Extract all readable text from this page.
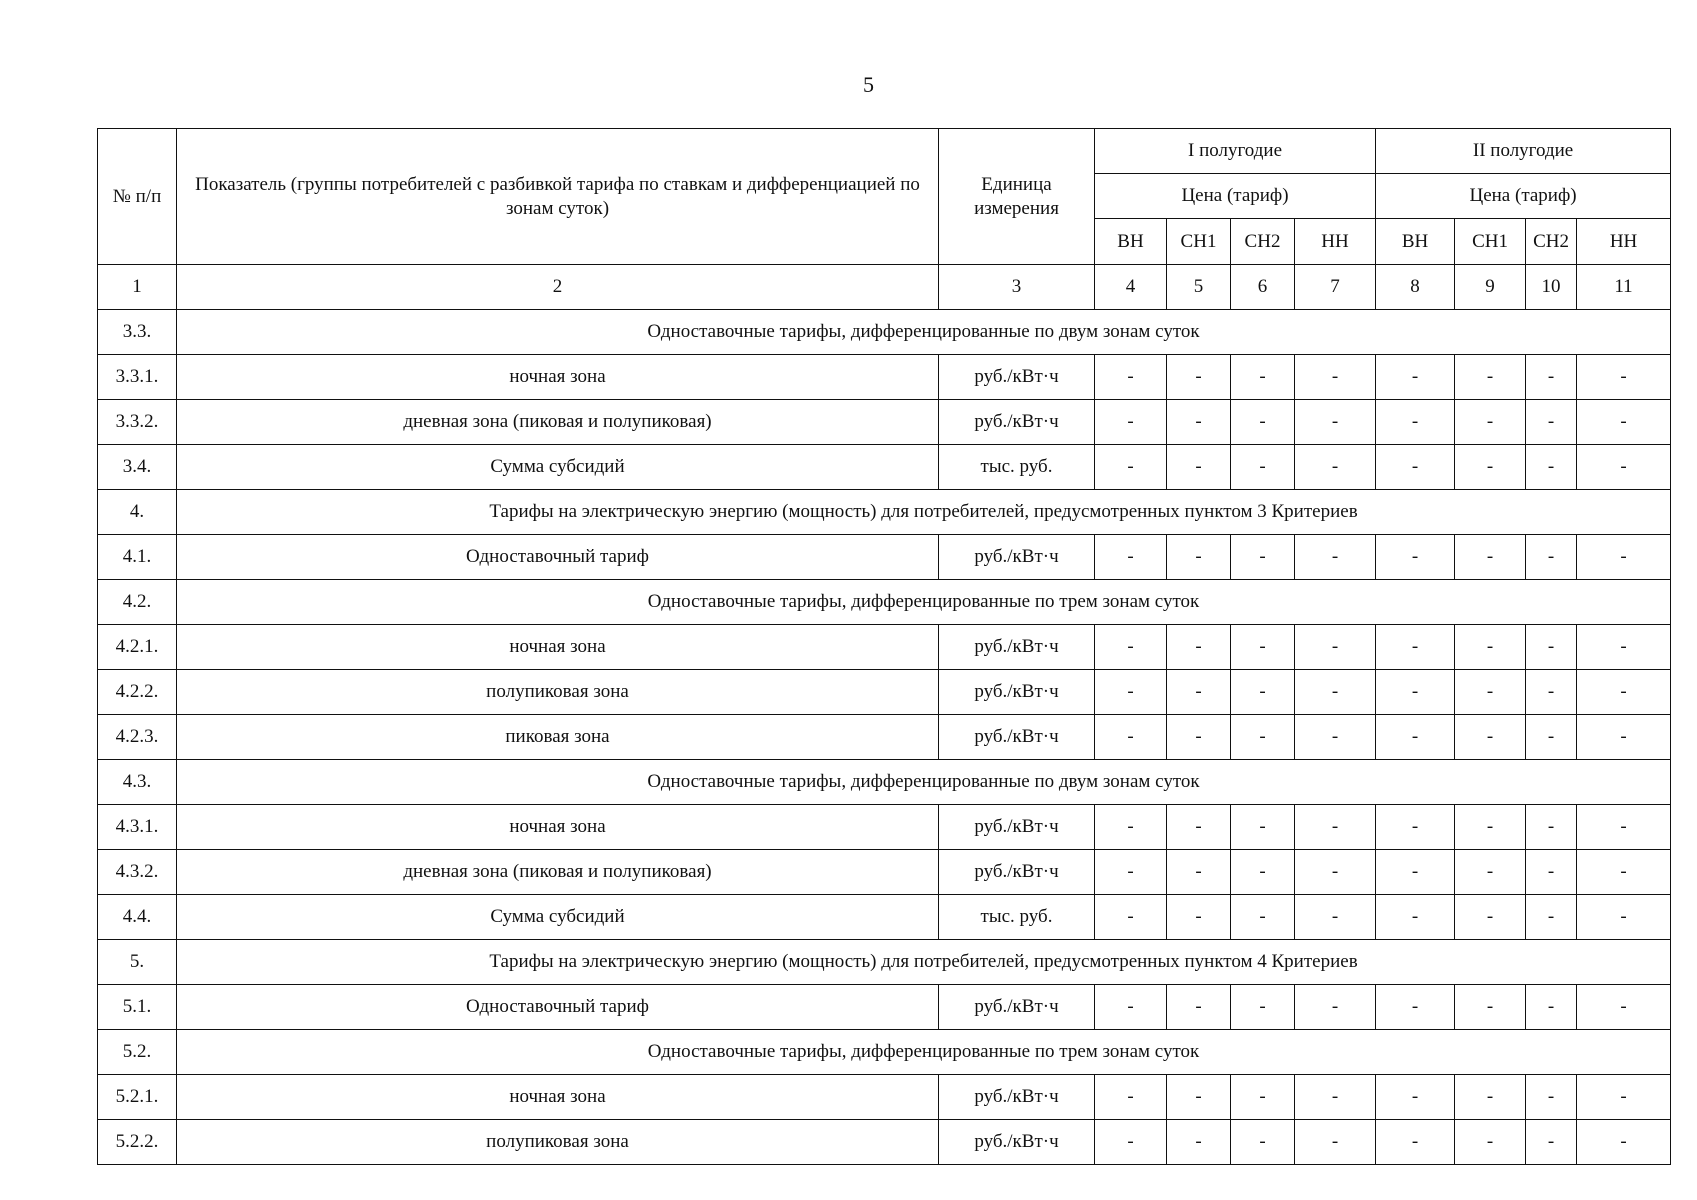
5
№ п/п	Показатель (группы потребителей с разбивкой тарифа по ставкам и дифференциацией по зонам суток)	Единица измерения	I полугодие				II полугодие			
			Цена (тариф)				Цена (тариф)			
			ВН	СН1	СН2	НН	ВН	СН1	СН2	НН
1	2	3	4	5	6	7	8	9	10	11
3.3.	Одноставочные тарифы, дифференцированные по двум зонам суток									
3.3.1.	ночная зона	руб./кВт·ч	-	-	-	-	-	-	-	-
3.3.2.	дневная зона (пиковая и полупиковая)	руб./кВт·ч	-	-	-	-	-	-	-	-
3.4.	Сумма субсидий	тыс. руб.	-	-	-	-	-	-	-	-
4.	Тарифы на электрическую энергию (мощность) для потребителей, предусмотренных пунктом 3 Критериев									
4.1.	Одноставочный тариф	руб./кВт·ч	-	-	-	-	-	-	-	-
4.2.	Одноставочные тарифы, дифференцированные по трем зонам суток									
4.2.1.	ночная зона	руб./кВт·ч	-	-	-	-	-	-	-	-
4.2.2.	полупиковая зона	руб./кВт·ч	-	-	-	-	-	-	-	-
4.2.3.	пиковая зона	руб./кВт·ч	-	-	-	-	-	-	-	-
4.3.	Одноставочные тарифы, дифференцированные по двум зонам суток									
4.3.1.	ночная зона	руб./кВт·ч	-	-	-	-	-	-	-	-
4.3.2.	дневная зона (пиковая и полупиковая)	руб./кВт·ч	-	-	-	-	-	-	-	-
4.4.	Сумма субсидий	тыс. руб.	-	-	-	-	-	-	-	-
5.	Тарифы на электрическую энергию (мощность) для потребителей, предусмотренных пунктом 4 Критериев									
5.1.	Одноставочный тариф	руб./кВт·ч	-	-	-	-	-	-	-	-
5.2.	Одноставочные тарифы, дифференцированные по трем зонам суток									
5.2.1.	ночная зона	руб./кВт·ч	-	-	-	-	-	-	-	-
5.2.2.	полупиковая зона	руб./кВт·ч	-	-	-	-	-	-	-	-
